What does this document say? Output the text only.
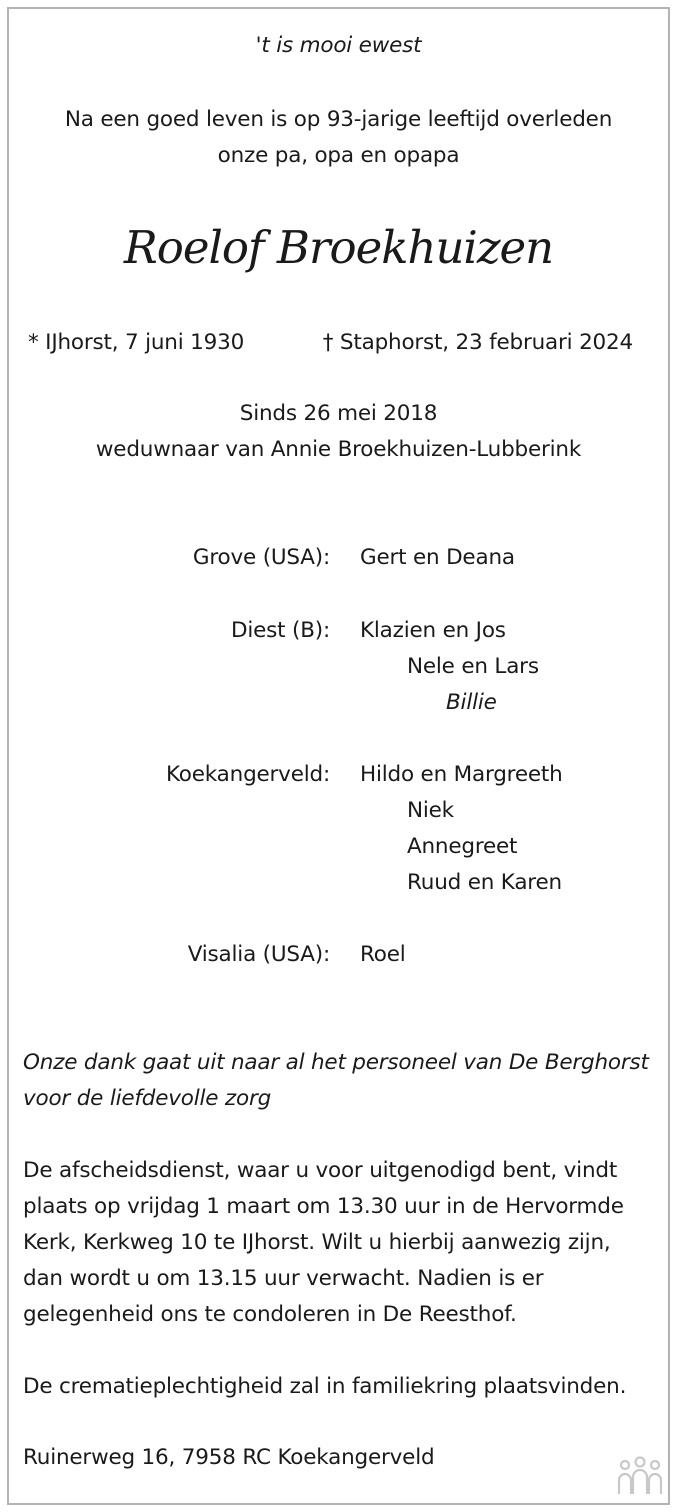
't is mooi ewest
Na een goed leven is op 93-jarige leeftijd overleden
onze pa, opa en opapa
Roelof Broekhuizen
* IJhorst, 7 juni 1930	† Staphorst, 23 februari 2024
Sinds 26 mei 2018
weduwnaar van Annie Broekhuizen-Lubberink
Grove (USA): Gert en Deana
Diest (B): Klazien en Jos
Nele en Lars
Billie
Koekangerveld: Hildo en Margreeth
Niek
Annegreet
Ruud en Karen
Visalia (USA): Roel
Onze dank gaat uit naar al het personeel van De Berghorst voor de liefdevolle zorg
De afscheidsdienst, waar u voor uitgenodigd bent, vindt plaats op vrijdag 1 maart om 13.30 uur in de Hervormde Kerk, Kerkweg 10 te IJhorst. Wilt u hierbij aanwezig zijn, dan wordt u om 13.15 uur verwacht. Nadien is er gelegenheid ons te condoleren in De Reesthof.
De crematieplechtigheid zal in familiekring plaatsvinden.
Ruinerweg 16, 7958 RC Koekangerveld
